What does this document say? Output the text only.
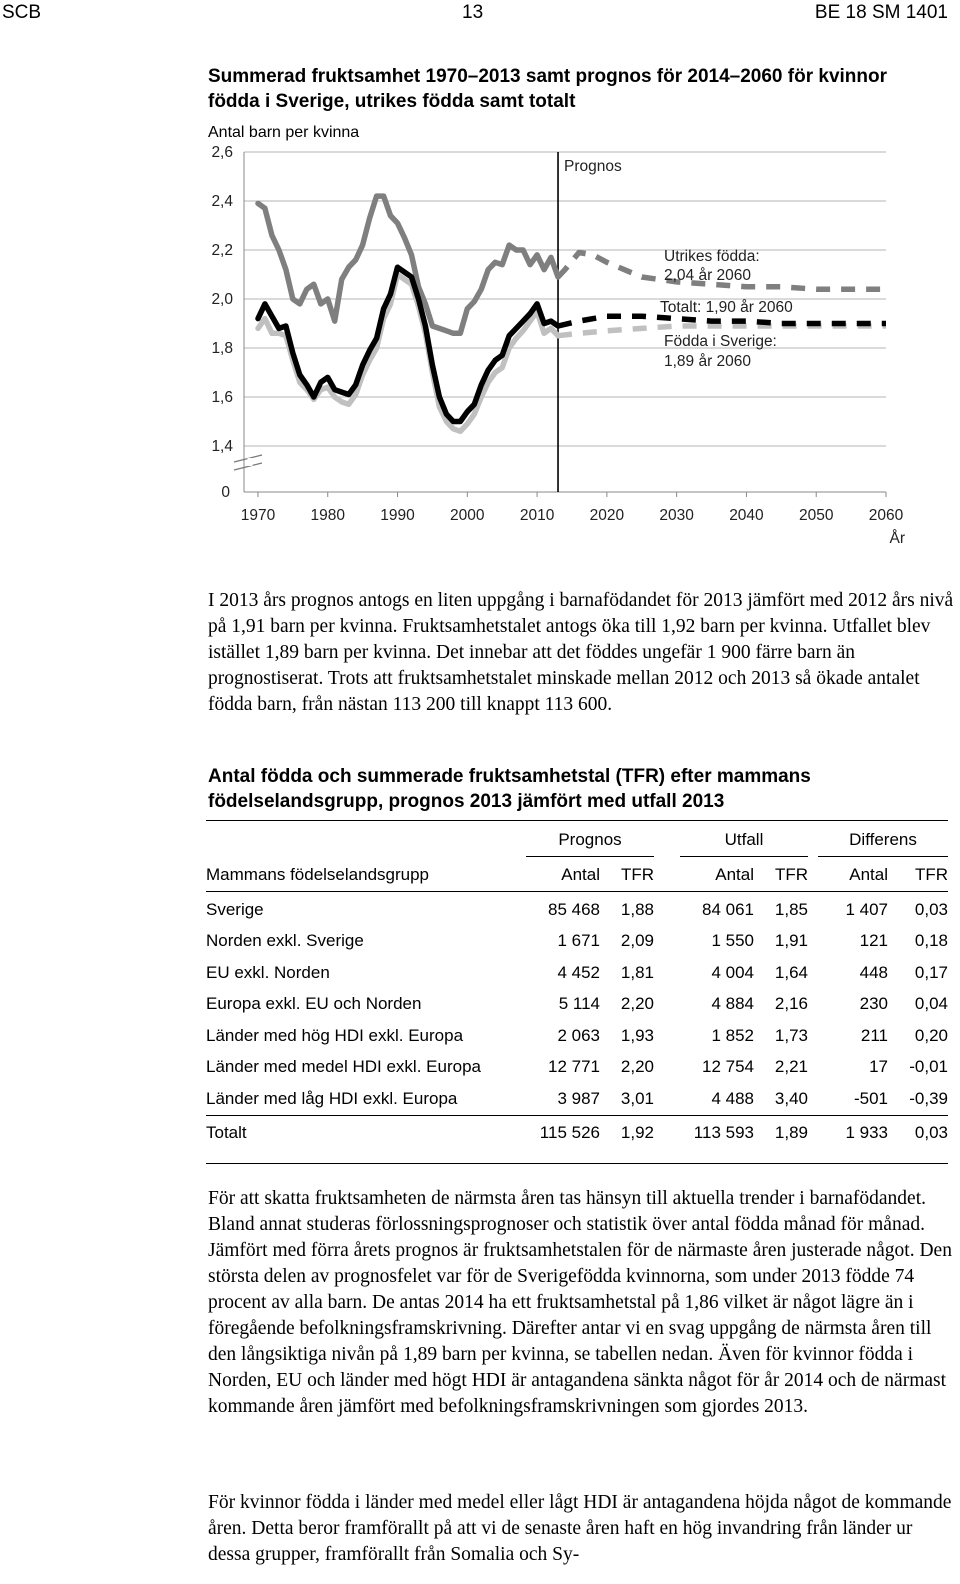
SCB	13	BE 18 SM 1401
Summerad fruktsamhet 1970–2013 samt prognos för 2014–2060 för kvinnor födda i Sverige, utrikes födda samt totalt
Antal barn per kvinna
0
1,4
1,6
1,8
2,0
2,2
2,4
2,6
1970 1980 1990 2000 2010 2020 2030 2040 2050 2060
År
Prognos
Utrikes födda:
2,04 år 2060
Totalt: 1,90 år 2060
Födda i Sverige:
1,89 år 2060
I 2013 års prognos antogs en liten uppgång i barnafödandet för 2013 jämfört med 2012 års nivå på 1,91 barn per kvinna. Fruktsamhetstalet antogs öka till 1,92 barn per kvinna. Utfallet blev istället 1,89 barn per kvinna. Det innebar att det föddes ungefär 1 900 färre barn än prognostiserat. Trots att fruktsamhetstalet minskade mellan 2012 och 2013 så ökade antalet födda barn, från nästan 113 200 till knappt 113 600.
Antal födda och summerade fruktsamhetstal (TFR) efter mammans födelselandsgrupp, prognos 2013 jämfört med utfall 2013

	Prognos		Utfall		Differens	

Mammans födelselandsgrupp	Antal	TFR	Antal	TFR	Antal	TFR

Sverige	85 468	1,88	84 061	1,85	1 407	0,03
Norden exkl. Sverige	1 671	2,09	1 550	1,91	121	0,18
EU exkl. Norden	4 452	1,81	4 004	1,64	448	0,17
Europa exkl. EU och Norden	5 114	2,20	4 884	2,16	230	0,04
Länder med hög HDI exkl. Europa	2 063	1,93	1 852	1,73	211	0,20
Länder med medel HDI exkl. Europa	12 771	2,20	12 754	2,21	17	-0,01
Länder med låg HDI exkl. Europa	3 987	3,01	4 488	3,40	-501	-0,39

Totalt	115 526	1,92	113 593	1,89	1 933	0,03

För att skatta fruktsamheten de närmsta åren tas hänsyn till aktuella trender i barnafödandet. Bland annat studeras förlossningsprognoser och statistik över antal födda månad för månad. Jämfört med förra årets prognos är fruktsamhetstalen för de närmaste åren justerade något. Den största delen av prognosfelet var för de Sverigefödda kvinnorna, som under 2013 födde 74 procent av alla barn. De antas 2014 ha ett fruktsamhetstal på 1,86 vilket är något lägre än i föregående befolkningsframskrivning. Därefter antar vi en svag uppgång de närmsta åren till den långsiktiga nivån på 1,89 barn per kvinna, se tabellen nedan. Även för kvinnor födda i Norden, EU och länder med högt HDI är antagandena sänkta något för år 2014 och de närmast kommande åren jämfört med befolkningsframskrivningen som gjordes 2013.
För kvinnor födda i länder med medel eller lågt HDI är antagandena höjda något de kommande åren. Detta beror framförallt på att vi de senaste åren haft en hög invandring från länder ur dessa grupper, framförallt från Somalia och Sy-
